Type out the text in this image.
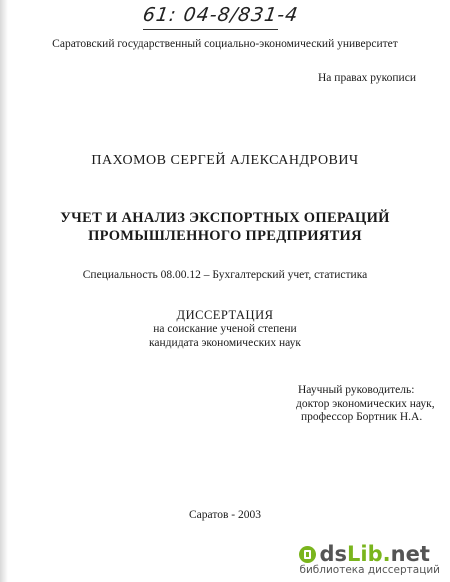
61: 04-8/831-4
Саратовский государственный социально-экономический университет
На правах рукописи
ПАХОМОВ СЕРГЕЙ АЛЕКСАНДРОВИЧ
УЧЕТ И АНАЛИЗ ЭКСПОРТНЫХ ОПЕРАЦИЙ
ПРОМЫШЛЕННОГО ПРЕДПРИЯТИЯ
Специальность 08.00.12 – Бухгалтерский учет, статистика
ДИССЕРТАЦИЯ
на соискание ученой степени
кандидата экономических наук
Научный руководитель:
доктор экономических наук,
профессор Бортник Н.А.
Саратов - 2003
ds Lib . net
библиотека диссертаций
